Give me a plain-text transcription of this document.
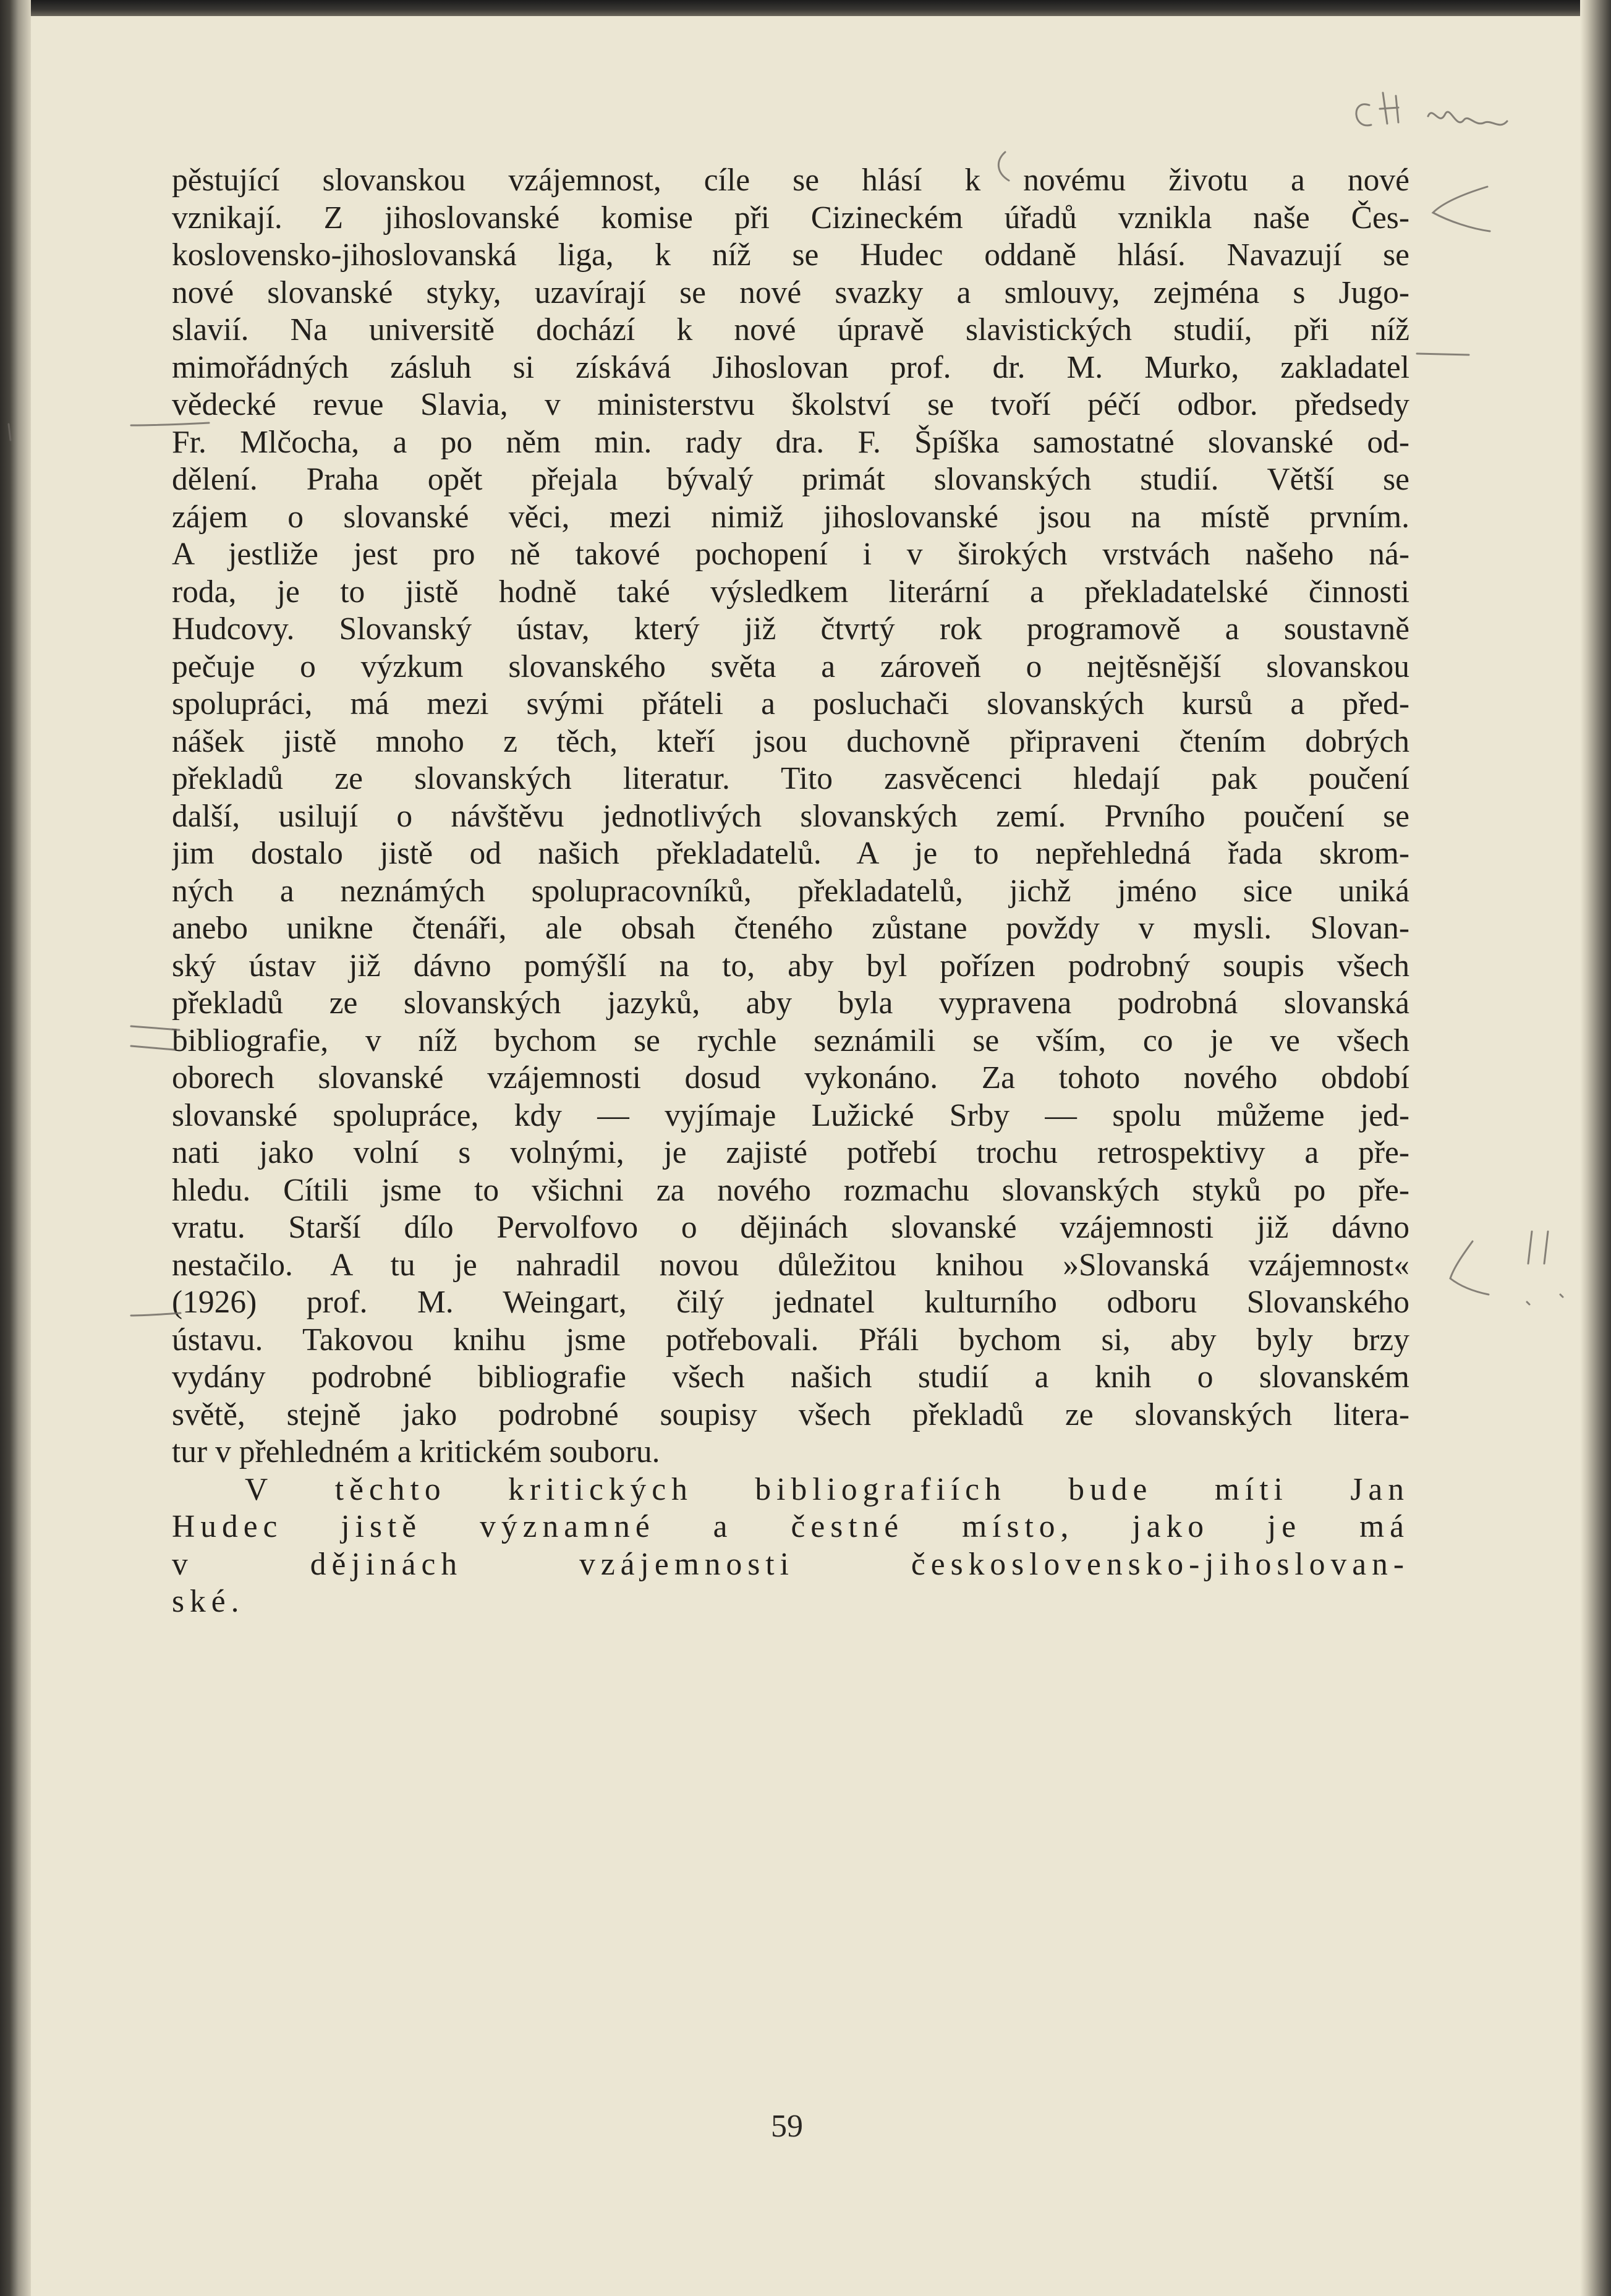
pěstující slovanskou vzájemnost, cíle se hlásí k novému životu a nové
vznikají. Z jihoslovanské komise při Cizineckém úřadů vznikla naše Čes-
koslovensko-jihoslovanská liga, k níž se Hudec oddaně hlásí. Navazují se
nové slovanské styky, uzavírají se nové svazky a smlouvy, zejména s Jugo-
slavií. Na universitě dochází k nové úpravě slavistických studií, při níž
mimořádných zásluh si získává Jihoslovan prof. dr. M. Murko, zakladatel
vědecké revue Slavia, v ministerstvu školství se tvoří péčí odbor. předsedy
Fr. Mlčocha, a po něm min. rady dra. F. Špíška samostatné slovanské od-
dělení. Praha opět přejala bývalý primát slovanských studií. Větší se
zájem o slovanské věci, mezi nimiž jihoslovanské jsou na místě prvním.
A jestliže jest pro ně takové pochopení i v širokých vrstvách našeho ná-
roda, je to jistě hodně také výsledkem literární a překladatelské činnosti
Hudcovy. Slovanský ústav, který již čtvrtý rok programově a soustavně
pečuje o výzkum slovanského světa a zároveň o nejtěsnější slovanskou
spolupráci, má mezi svými přáteli a posluchači slovanských kursů a před-
nášek jistě mnoho z těch, kteří jsou duchovně připraveni čtením dobrých
překladů ze slovanských literatur. Tito zasvěcenci hledají pak poučení
další, usilují o návštěvu jednotlivých slovanských zemí. Prvního poučení se
jim dostalo jistě od našich překladatelů. A je to nepřehledná řada skrom-
ných a neznámých spolupracovníků, překladatelů, jichž jméno sice uniká
anebo unikne čtenáři, ale obsah čteného zůstane povždy v mysli. Slovan-
ský ústav již dávno pomýšlí na to, aby byl pořízen podrobný soupis všech
překladů ze slovanských jazyků, aby byla vypravena podrobná slovanská
bibliografie, v níž bychom se rychle seznámili se vším, co je ve všech
oborech slovanské vzájemnosti dosud vykonáno. Za tohoto nového období
slovanské spolupráce, kdy — vyjímaje Lužické Srby — spolu můžeme jed-
nati jako volní s volnými, je zajisté potřebí trochu retrospektivy a pře-
hledu. Cítili jsme to všichni za nového rozmachu slovanských styků po pře-
vratu. Starší dílo Pervolfovo o dějinách slovanské vzájemnosti již dávno
nestačilo. A tu je nahradil novou důležitou knihou »Slovanská vzájemnost«
(1926) prof. M. Weingart, čilý jednatel kulturního odboru Slovanského
ústavu. Takovou knihu jsme potřebovali. Přáli bychom si, aby byly brzy
vydány podrobné bibliografie všech našich studií a knih o slovanském
světě, stejně jako podrobné soupisy všech překladů ze slovanských litera-
tur v přehledném a kritickém souboru.
V těchto kritických bibliografiích bude míti Jan
Hudec jistě významné a čestné místo, jako je má
v dějinách vzájemnosti československo-jihoslovan-
ské.
59
